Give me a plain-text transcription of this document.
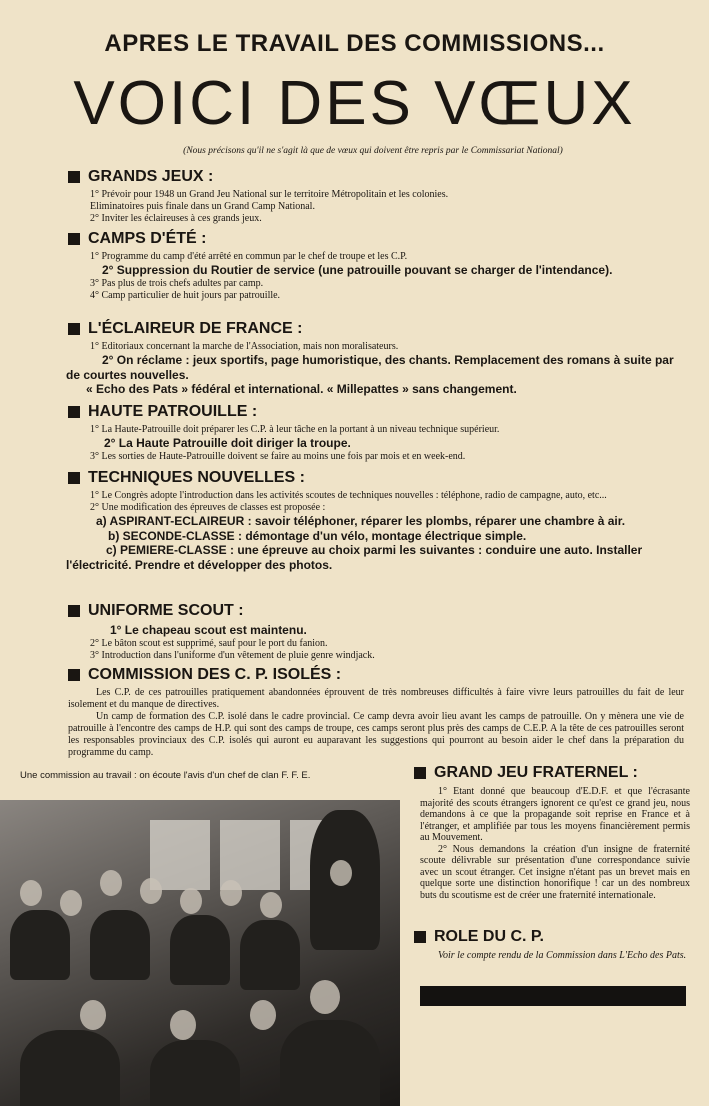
APRES LE TRAVAIL DES COMMISSIONS...
VOICI DES VŒUX
(Nous précisons qu'il ne s'agit là que de vœux qui doivent être repris par le Commissariat National)
GRANDS JEUX :
1° Prévoir pour 1948 un Grand Jeu National sur le territoire Métropolitain et les colonies.
Eliminatoires puis finale dans un Grand Camp National.
2° Inviter les éclaireuses à ces grands jeux.
CAMPS D'ÉTÉ :
1° Programme du camp d'été arrêté en commun par le chef de troupe et les C.P.
2° Suppression du Routier de service (une patrouille pouvant se charger de l'intendance).
3° Pas plus de trois chefs adultes par camp.
4° Camp particulier de huit jours par patrouille.
L'ÉCLAIREUR DE FRANCE :
1° Editoriaux concernant la marche de l'Association, mais non moralisateurs.
2° On réclame : jeux sportifs, page humoristique, des chants. Remplacement des romans à suite par de courtes nouvelles.
« Echo des Pats » fédéral et international. « Millepattes » sans changement.
HAUTE PATROUILLE :
1° La Haute-Patrouille doit préparer les C.P. à leur tâche en la portant à un niveau technique supérieur.
2° La Haute Patrouille doit diriger la troupe.
3° Les sorties de Haute-Patrouille doivent se faire au moins une fois par mois et en week-end.
TECHNIQUES NOUVELLES :
1° Le Congrès adopte l'introduction dans les activités scoutes de techniques nouvelles : téléphone, radio de campagne, auto, etc...
2° Une modification des épreuves de classes est proposée :
a) ASPIRANT-ECLAIREUR : savoir téléphoner, réparer les plombs, réparer une chambre à air.
b) SECONDE-CLASSE : démontage d'un vélo, montage électrique simple.
c) PEMIERE-CLASSE : une épreuve au choix parmi les suivantes : conduire une auto. Installer l'électricité. Prendre et développer des photos.
UNIFORME SCOUT :
1° Le chapeau scout est maintenu.
2° Le bâton scout est supprimé, sauf pour le port du fanion.
3° Introduction dans l'uniforme d'un vêtement de pluie genre windjack.
COMMISSION DES C. P. ISOLÉS :
Les C.P. de ces patrouilles pratiquement abandonnées éprouvent de très nombreuses difficultés à faire vivre leurs patrouilles du fait de leur isolement et du manque de directives.
Un camp de formation des C.P. isolé dans le cadre provincial. Ce camp devra avoir lieu avant les camps de patrouille. On y mènera une vie de patrouille à l'encontre des camps de H.P. qui sont des camps de troupe, ces camps seront plus près des camps de C.E.P. A la tête de ces patrouilles seront les responsables provinciaux des C.P. isolés qui auront eu auparavant les suggestions qui pourront au besoin aider le chef dans la préparation du programme du camp.
Une commission au travail : on écoute l'avis d'un chef de clan F. F. E.	GRAND JEU FRATERNEL :

1° Etant donné que beaucoup d'E.D.F. et que l'écrasante majorité des scouts étrangers ignorent ce qu'est ce grand jeu, nous demandons à ce que la propagande soit reprise en France et à l'étranger, et amplifiée par tous les moyens financièrement permis au Mouvement.

2° Nous demandons la création d'un insigne de fraternité scoute délivrable sur présentation d'une correspondance suivie avec un scout étranger. Cet insigne n'étant pas un brevet mais en quelque sorte une distinction honorifique ! car un des nombreux buts du scoutisme est de créer une fraternité internationale.

ROLE DU C. P.

Voir le compte rendu de la Commission dans L'Echo des Pats.
